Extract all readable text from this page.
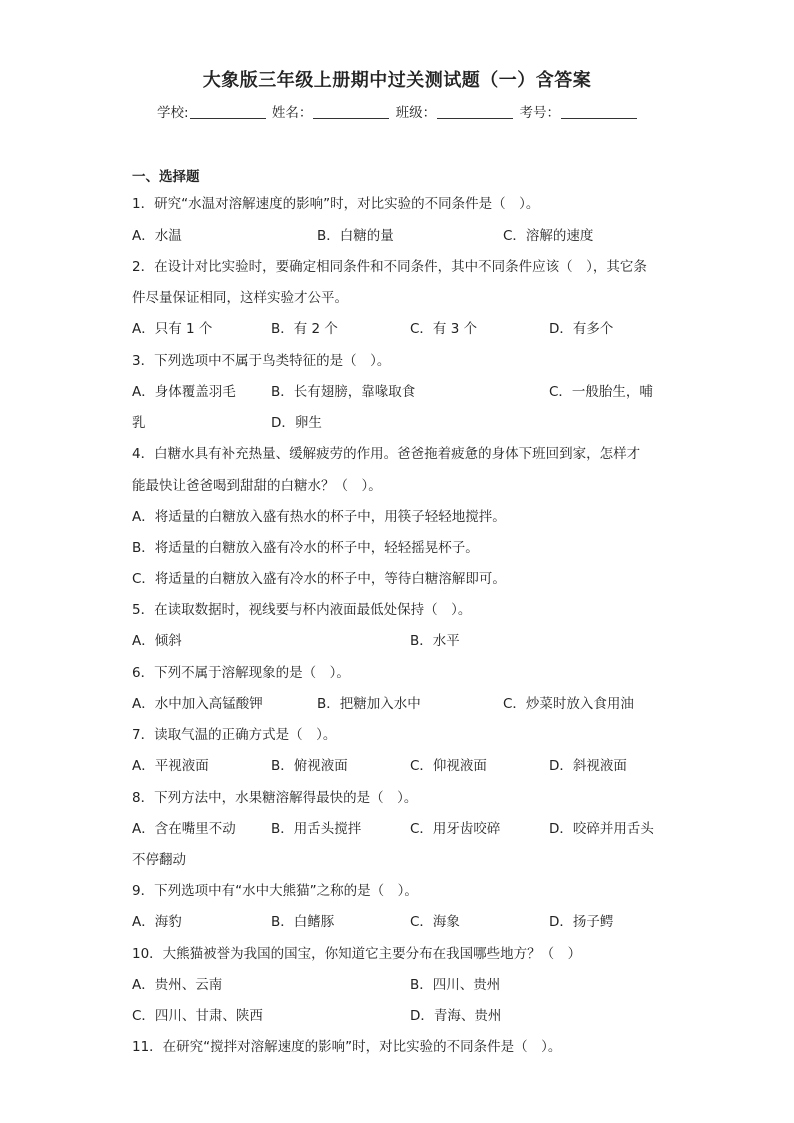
大象版三年级上册期中过关测试题（一）含答案
学校:	姓名：	班级：	考号：
一、选择题
1．研究“水温对溶解速度的影响”时，对比实验的不同条件是（　）。
A．水温	B．白糖的量	C．溶解的速度
2．在设计对比实验时，要确定相同条件和不同条件，其中不同条件应该（　），其它条
件尽量保证相同，这样实验才公平。
A．只有 1 个	B．有 2 个	C．有 3 个	D．有多个
3．下列选项中不属于鸟类特征的是（　）。
A．身体覆盖羽毛	B．长有翅膀，靠喙取食	C．一般胎生，哺
乳	D．卵生
4．白糖水具有补充热量、缓解疲劳的作用。爸爸拖着疲惫的身体下班回到家，怎样才
能最快让爸爸喝到甜甜的白糖水？（　）。
A．将适量的白糖放入盛有热水的杯子中，用筷子轻轻地搅拌。
B．将适量的白糖放入盛有冷水的杯子中，轻轻摇晃杯子。
C．将适量的白糖放入盛有冷水的杯子中，等待白糖溶解即可。
5．在读取数据时，视线要与杯内液面最低处保持（　）。
A．倾斜	B．水平
6．下列不属于溶解现象的是（　）。
A．水中加入高锰酸钾	B．把糖加入水中	C．炒菜时放入食用油
7．读取气温的正确方式是（　）。
A．平视液面	B．俯视液面	C．仰视液面	D．斜视液面
8．下列方法中，水果糖溶解得最快的是（　）。
A．含在嘴里不动	B．用舌头搅拌	C．用牙齿咬碎	D．咬碎并用舌头
不停翻动
9．下列选项中有“水中大熊猫”之称的是（　）。
A．海豹	B．白鳍豚	C．海象	D．扬子鳄
10．大熊猫被誉为我国的国宝，你知道它主要分布在我国哪些地方？（　）
A．贵州、云南	B．四川、贵州
C．四川、甘肃、陕西	D．青海、贵州
11．在研究“搅拌对溶解速度的影响”时，对比实验的不同条件是（　）。
